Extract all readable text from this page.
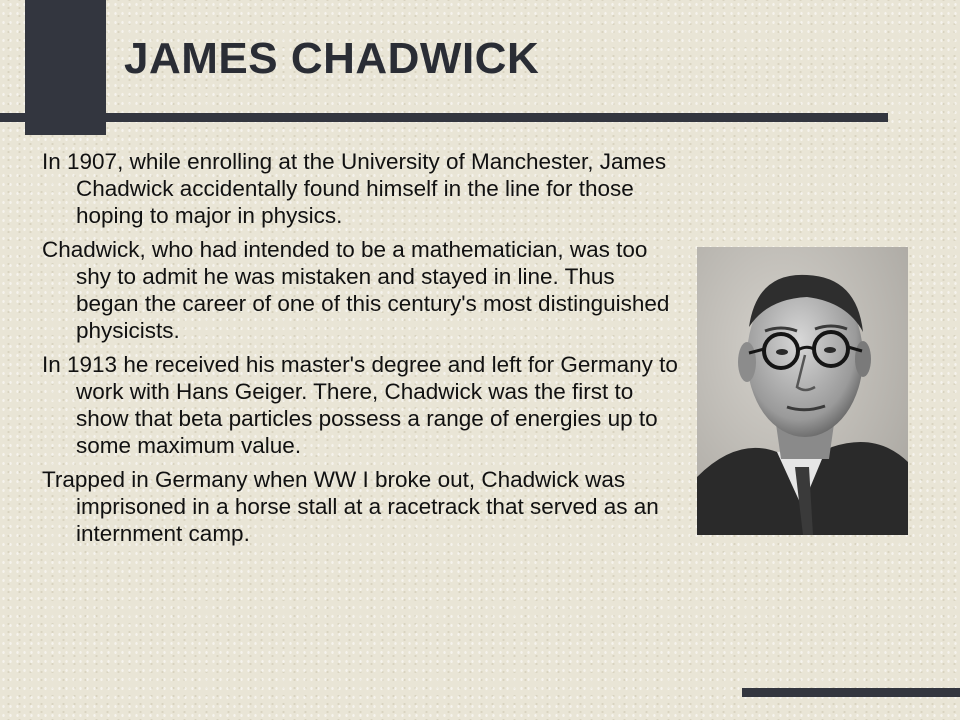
JAMES CHADWICK

In 1907, while enrolling at the University of Manchester, James Chadwick accidentally found himself in the line for those hoping to major in physics.

Chadwick, who had intended to be a mathematician, was too shy to admit he was mistaken and stayed in line. Thus began the career of one of this century's most distinguished physicists.

In 1913 he received his master's degree and left for Germany to work with Hans Geiger. There, Chadwick was the first to show that beta particles possess a range of energies up to some maximum value.

Trapped in Germany when WW I broke out, Chadwick was imprisoned in a horse stall at a racetrack that served as an internment camp.
